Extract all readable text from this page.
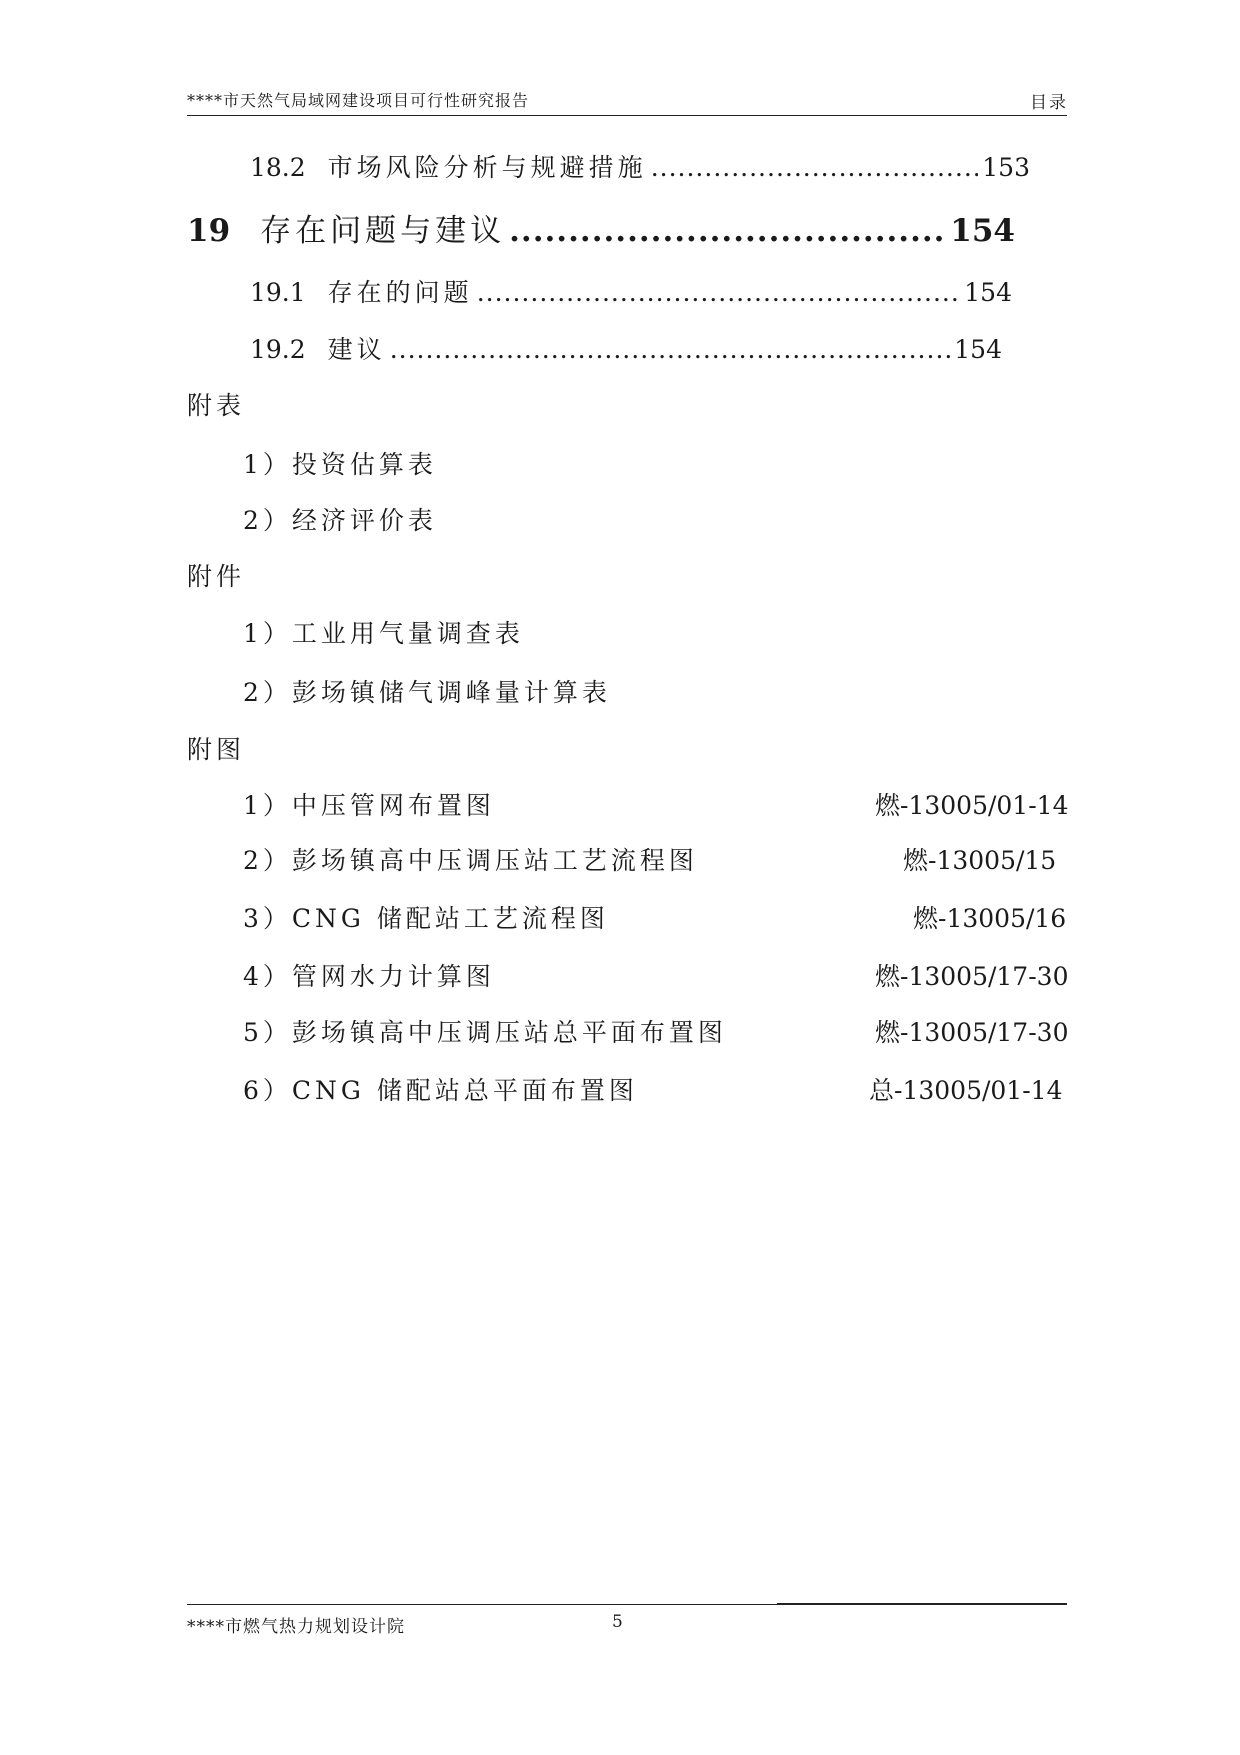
****市天然气局域网建设项目可行性研究报告	目录
18.2 市场风险分析与规避措施 .....	153
19 存在问题与建议 .....	154
19.1 存在的问题 .....	154
19.2 建议 .....	154
附表
1）投资估算表
2）经济评价表
附件
1）工业用气量调查表
2）彭场镇储气调峰量计算表
附图
1）中压管网布置图	燃-13005/01-14
2）彭场镇高中压调压站工艺流程图	燃-13005/15
3）CNG 储配站工艺流程图	燃-13005/16
4）管网水力计算图	燃-13005/17-30
5）彭场镇高中压调压站总平面布置图	燃-13005/17-30
6）CNG 储配站总平面布置图	总-13005/01-14
****市燃气热力规划设计院	5
